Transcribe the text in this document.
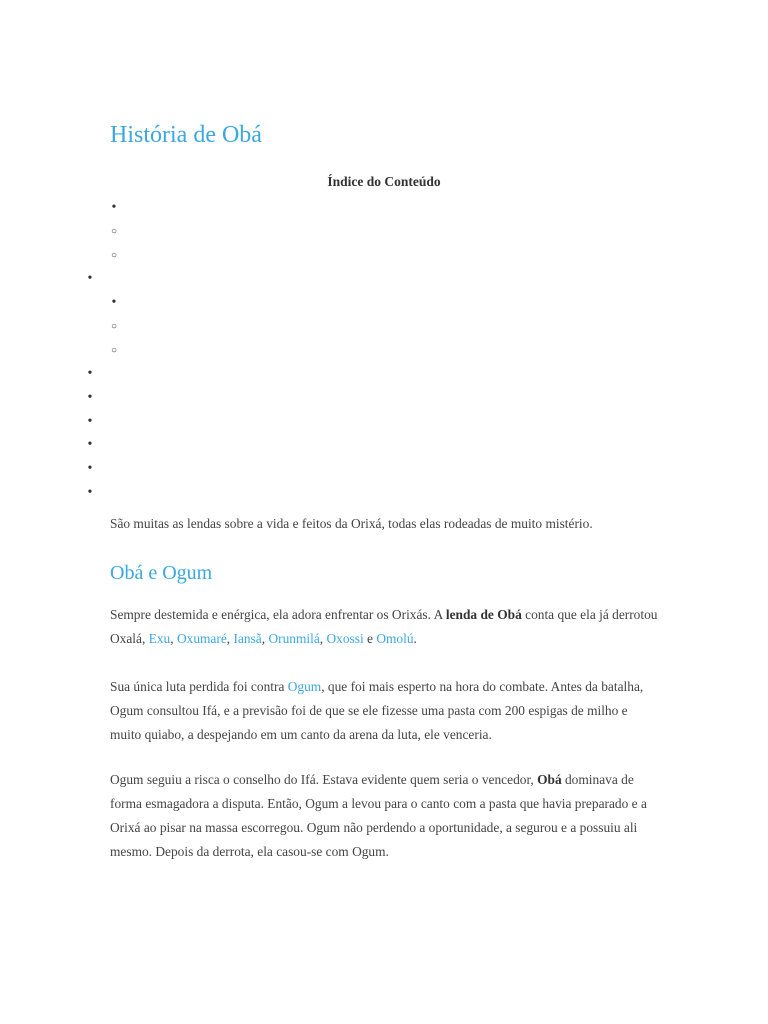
História de Obá
Índice do Conteúdo
•
○
○
•
•
○
○
•
•
•
•
•
•

São muitas as lendas sobre a vida e feitos da Orixá, todas elas rodeadas de muito mistério.

Obá e Ogum

Sempre destemida e enérgica, ela adora enfrentar os Orixás. A lenda de Obá conta que ela já derrotou Oxalá, Exu, Oxumaré, Iansã, Orunmilá, Oxossi e Omolú.

Sua única luta perdida foi contra Ogum, que foi mais esperto na hora do combate. Antes da batalha, Ogum consultou Ifá, e a previsão foi de que se ele fizesse uma pasta com 200 espigas de milho e muito quiabo, a despejando em um canto da arena da luta, ele venceria.

Ogum seguiu a risca o conselho do Ifá. Estava evidente quem seria o vencedor, Obá dominava de forma esmagadora a disputa. Então, Ogum a levou para o canto com a pasta que havia preparado e a Orixá ao pisar na massa escorregou. Ogum não perdendo a oportunidade, a segurou e a possuiu ali mesmo. Depois da derrota, ela casou-se com Ogum.
